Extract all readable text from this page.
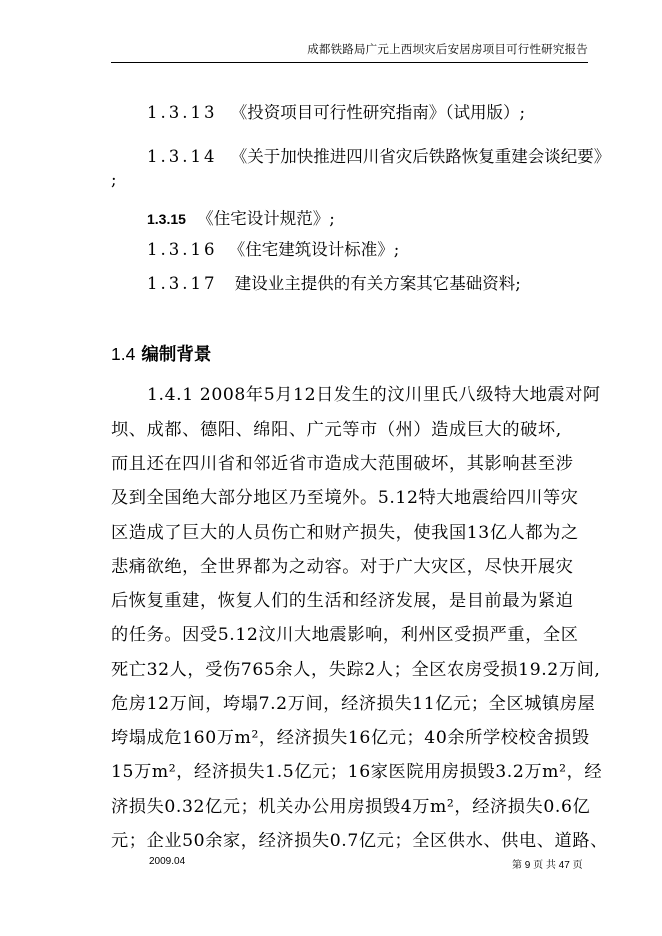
成都铁路局广元上西坝灾后安居房项目可行性研究报告
1.3.13 《投资项目可行性研究指南》（试用版）;
1.3.14 《关于加快推进四川省灾后铁路恢复重建会谈纪要》
;
1.3.15 《住宅设计规范》;
1.3.16 《住宅建筑设计标准》;
1.3.17 建设业主提供的有关方案其它基础资料;
1.4 编制背景
1.4.1 2008年5月12日发生的汶川里氏八级特大地震对阿
坝、成都、德阳、绵阳、广元等市（州）造成巨大的破坏,
而且还在四川省和邻近省市造成大范围破坏，其影响甚至涉
及到全国绝大部分地区乃至境外。5.12特大地震给四川等灾
区造成了巨大的人员伤亡和财产损失，使我国13亿人都为之
悲痛欲绝，全世界都为之动容。对于广大灾区，尽快开展灾
后恢复重建，恢复人们的生活和经济发展，是目前最为紧迫
的任务。因受5.12汶川大地震影响，利州区受损严重，全区
死亡32人，受伤765余人，失踪2人；全区农房受损19.2万间,
危房12万间，垮塌7.2万间，经济损失11亿元；全区城镇房屋
垮塌成危160万m²，经济损失16亿元；40余所学校校舍损毁
15万m²，经济损失1.5亿元；16家医院用房损毁3.2万m²，经
济损失0.32亿元；机关办公用房损毁4万m²，经济损失0.6亿
元；企业50余家，经济损失0.7亿元；全区供水、供电、道路、
2009.04	第 9 页 共 47 页
